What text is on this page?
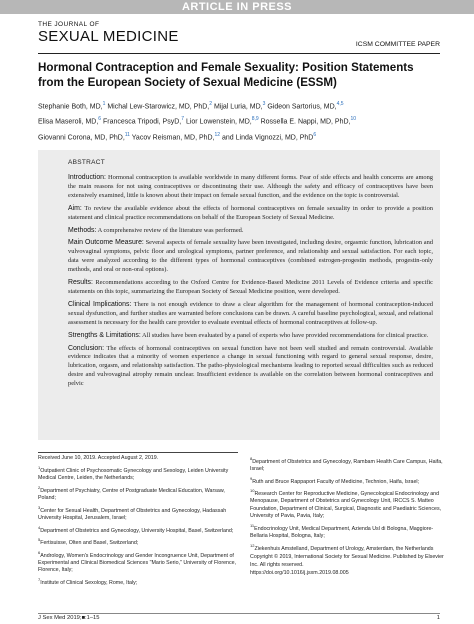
ARTICLE IN PRESS
THE JOURNAL OF
SEXUAL MEDICINE	ICSM COMMITTEE PAPER
Hormonal Contraception and Female Sexuality: Position Statements from the European Society of Sexual Medicine (ESSM)
Stephanie Both, MD,$^1$ Michal Lew-Starowicz, MD, PhD,$^2$ Mijal Luria, MD,$^3$ Gideon Sartorius, MD,$^{4,5}$
Elisa Maseroli, MD,$^6$ Francesca Tripodi, PsyD,$^7$ Lior Lowenstein, MD,$^{8,9}$ Rossella E. Nappi, MD, PhD,$^{10}$
Giovanni Corona, MD, PhD,$^{11}$ Yacov Reisman, MD, PhD,$^{12}$ and Linda Vignozzi, MD, PhD$^6$
ABSTRACT

Introduction: Hormonal contraception is available worldwide in many different forms. Fear of side effects and health concerns are among the main reasons for not using contraceptives or discontinuing their use. Although the safety and efficacy of contraceptives have been extensively examined, little is known about their impact on female sexual function, and the evidence on the topic is controversial.

Aim: To review the available evidence about the effects of hormonal contraceptives on female sexuality in order to provide a position statement and clinical practice recommendations on behalf of the European Society of Sexual Medicine.

Methods: A comprehensive review of the literature was performed.

Main Outcome Measure: Several aspects of female sexuality have been investigated, including desire, orgasmic function, lubrication and vulvovaginal symptoms, pelvic floor and urological symptoms, partner preference, and relationship and sexual satisfaction. For each topic, data were analyzed according to the different types of hormonal contraceptives (combined estrogen-progestin methods, progestin-only methods, and oral or non-oral options).

Results: Recommendations according to the Oxford Centre for Evidence-Based Medicine 2011 Levels of Evidence criteria and specific statements on this topic, summarizing the European Society of Sexual Medicine position, were developed.

Clinical Implications: There is not enough evidence to draw a clear algorithm for the management of hormonal contraception-induced sexual dysfunction, and further studies are warranted before conclusions can be drawn. A careful baseline psychological, sexual, and relational assessment is necessary for the health care provider to evaluate eventual effects of hormonal contraceptives at follow-up.

Strengths & Limitations: All studies have been evaluated by a panel of experts who have provided recommendations for clinical practice.

Conclusion: The effects of hormonal contraceptives on sexual function have not been well studied and remain controversial. Available evidence indicates that a minority of women experience a change in sexual functioning with regard to general sexual response, desire, lubrication, orgasm, and relationship satisfaction. The patho-physiological mechanisms leading to reported sexual difficulties such as reduced desire and vulvovaginal atrophy remain unclear. Insufficient evidence is available on the correlation between hormonal contraceptives and pelvic

Received June 10, 2019. Accepted August 2, 2019.
$^1$Outpatient Clinic of Psychosomatic Gynecology and Sexology, Leiden University Medical Centre, Leiden, the Netherlands;
$^2$Department of Psychiatry, Centre of Postgraduate Medical Education, Warsaw, Poland;
$^3$Center for Sexual Health, Department of Obstetrics and Gynecology, Hadassah University Hospital, Jerusalem, Israel;
$^4$Department of Obstetrics and Gynecology, University Hospital, Basel, Switzerland;
$^5$Fertisuisse, Olten and Basel, Switzerland;
$^6$Andrology, Women's Endocrinology and Gender Incongruence Unit, Department of Experimental and Clinical Biomedical Sciences "Mario Serio," University of Florence, Florence, Italy;
$^7$Institute of Clinical Sexology, Rome, Italy;
$^8$Department of Obstetrics and Gynecology, Rambam Health Care Campus, Haifa, Israel;
$^9$Ruth and Bruce Rappaport Faculty of Medicine, Technion, Haifa, Israel;
$^{10}$Research Center for Reproductive Medicine, Gynecological Endocrinology and Menopause, Department of Obstetrics and Gynecology Unit, IRCCS S. Matteo Foundation, Department of Clinical, Surgical, Diagnostic and Paediatric Sciences, University of Pavia, Pavia, Italy;
$^{11}$Endocrinology Unit, Medical Department, Azienda Usl di Bologna, Maggiore-Bellaria Hospital, Bologna, Italy;
$^{12}$Ziekenhuis Amstelland, Department of Urology, Amsterdam, the Netherlands
Copyright © 2019, International Society for Sexual Medicine. Published by Elsevier Inc. All rights reserved.
https://doi.org/10.1016/j.jsxm.2019.08.005
J Sex Med 2019;■:1–15	1
